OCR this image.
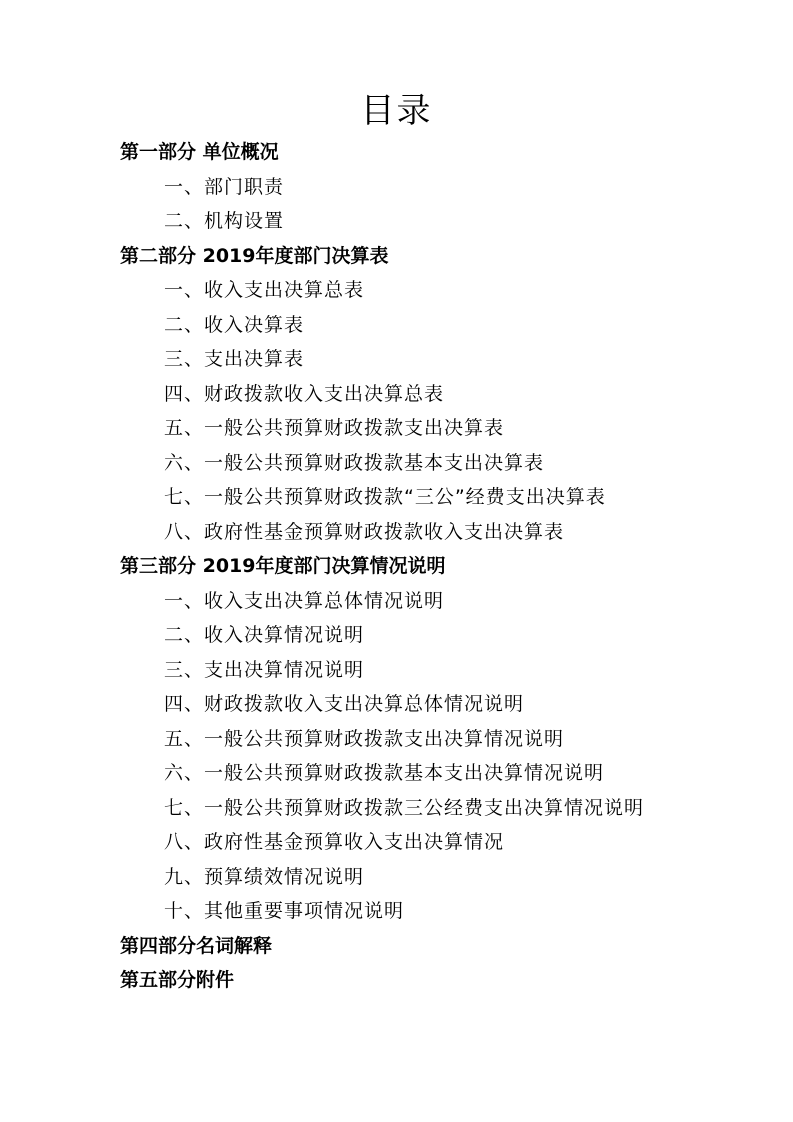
目录
第一部分 单位概况
一、部门职责
二、机构设置
第二部分 2019年度部门决算表
一、收入支出决算总表
二、收入决算表
三、支出决算表
四、财政拨款收入支出决算总表
五、一般公共预算财政拨款支出决算表
六、一般公共预算财政拨款基本支出决算表
七、一般公共预算财政拨款“三公”经费支出决算表
八、政府性基金预算财政拨款收入支出决算表
第三部分 2019年度部门决算情况说明
一、收入支出决算总体情况说明
二、收入决算情况说明
三、支出决算情况说明
四、财政拨款收入支出决算总体情况说明
五、一般公共预算财政拨款支出决算情况说明
六、一般公共预算财政拨款基本支出决算情况说明
七、一般公共预算财政拨款三公经费支出决算情况说明
八、政府性基金预算收入支出决算情况
九、预算绩效情况说明
十、其他重要事项情况说明
第四部分名词解释
第五部分附件
